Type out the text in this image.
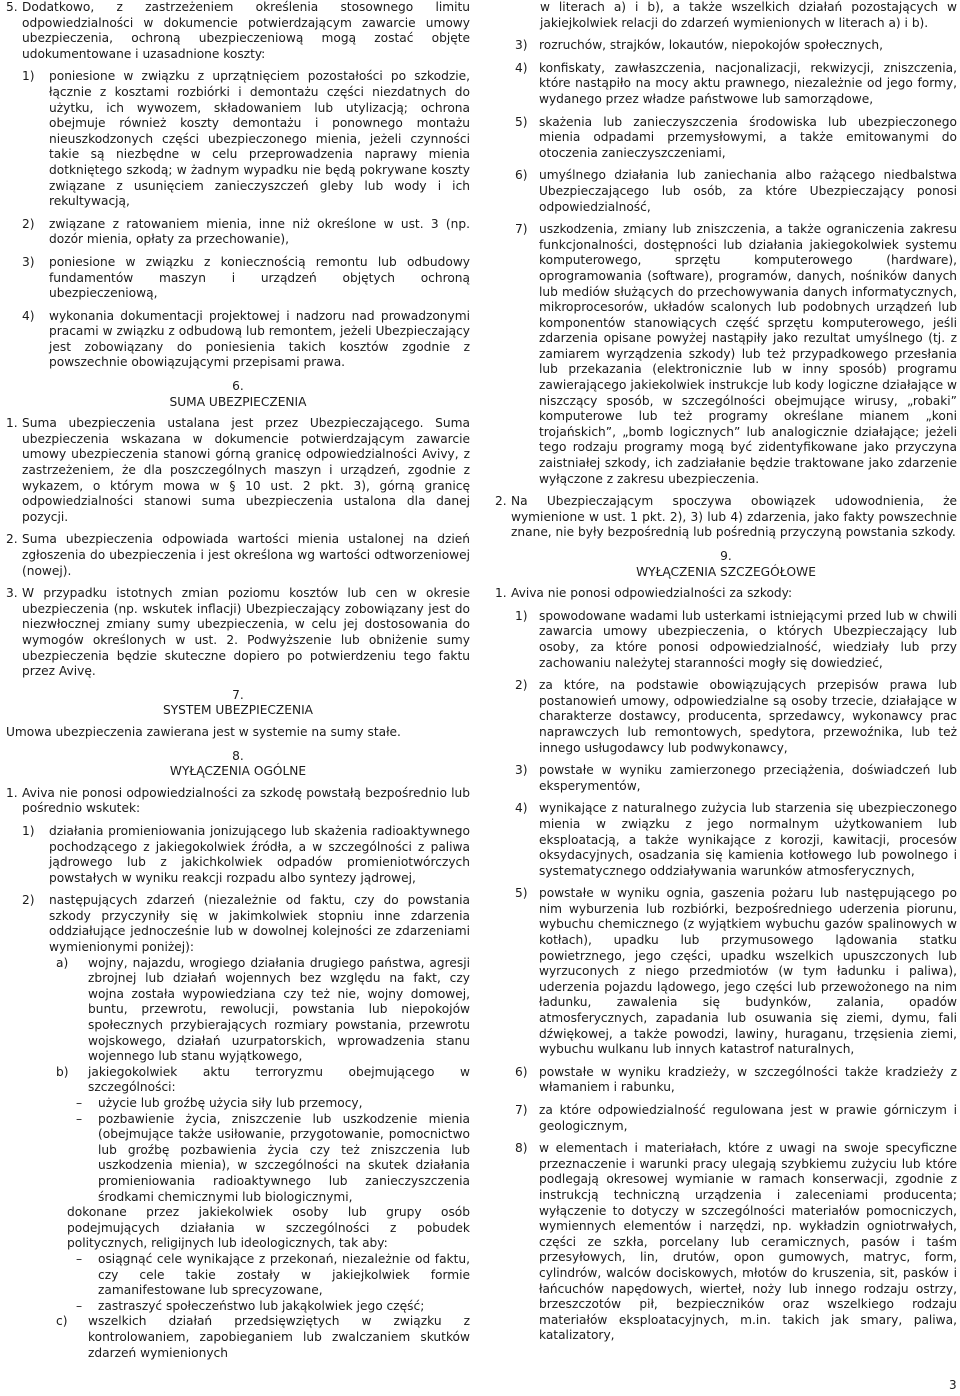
5. Dodatkowo, z zastrzeżeniem określenia stosownego limitu odpowiedzialności w dokumencie potwierdzającym zawarcie umowy ubezpieczenia, ochroną ubezpieczeniową mogą zostać objęte udokumentowane i uzasadnione koszty:
1) poniesione w związku z uprzątnięciem pozostałości po szkodzie, łącznie z kosztami rozbiórki i demontażu części niezdatnych do użytku, ich wywozem, składowaniem lub utylizacją; ochrona obejmuje również koszty demontażu i ponownego montażu nieuszkodzonych części ubezpieczonego mienia, jeżeli czynności takie są niezbędne w celu przeprowadzenia naprawy mienia dotkniętego szkodą; w żadnym wypadku nie będą pokrywane koszty związane z usunięciem zanieczyszczeń gleby lub wody i ich rekultywacją,
2) związane z ratowaniem mienia, inne niż określone w ust. 3 (np. dozór mienia, opłaty za przechowanie),
3) poniesione w związku z koniecznością remontu lub odbudowy fundamentów maszyn i urządzeń objętych ochroną ubezpieczeniową,
4) wykonania dokumentacji projektowej i nadzoru nad prowadzonymi pracami w związku z odbudową lub remontem, jeżeli Ubezpieczający jest zobowiązany do poniesienia takich kosztów zgodnie z powszechnie obowiązującymi przepisami prawa.
6.
SUMA UBEZPIECZENIA
1. Suma ubezpieczenia ustalana jest przez Ubezpieczającego. Suma ubezpieczenia wskazana w dokumencie potwierdzającym zawarcie umowy ubezpieczenia stanowi górną granicę odpowiedzialności Avivy, z zastrzeżeniem, że dla poszczególnych maszyn i urządzeń, zgodnie z wykazem, o którym mowa w § 10 ust. 2 pkt. 3), górną granicę odpowiedzialności stanowi suma ubezpieczenia ustalona dla danej pozycji.
2. Suma ubezpieczenia odpowiada wartości mienia ustalonej na dzień zgłoszenia do ubezpieczenia i jest określona wg wartości odtworzeniowej (nowej).
3. W przypadku istotnych zmian poziomu kosztów lub cen w okresie ubezpieczenia (np. wskutek inflacji) Ubezpieczający zobowiązany jest do niezwłocznej zmiany sumy ubezpieczenia, w celu jej dostosowania do wymogów określonych w ust. 2. Podwyższenie lub obniżenie sumy ubezpieczenia będzie skuteczne dopiero po potwierdzeniu tego faktu przez Avivę.
7.
SYSTEM UBEZPIECZENIA
Umowa ubezpieczenia zawierana jest w systemie na sumy stałe.
8.
WYŁĄCZENIA OGÓLNE
1. Aviva nie ponosi odpowiedzialności za szkodę powstałą bezpośrednio lub pośrednio wskutek:
1) działania promieniowania jonizującego lub skażenia radioaktywnego pochodzącego z jakiegokolwiek źródła, a w szczególności z paliwa jądrowego lub z jakichkolwiek odpadów promieniotwórczych powstałych w wyniku reakcji rozpadu albo syntezy jądrowej,
2) następujących zdarzeń (niezależnie od faktu, czy do powstania szkody przyczyniły się w jakimkolwiek stopniu inne zdarzenia oddziałujące jednocześnie lub w dowolnej kolejności ze zdarzeniami wymienionymi poniżej):
a) wojny, najazdu, wrogiego działania drugiego państwa, agresji zbrojnej lub działań wojennych bez względu na fakt, czy wojna została wypowiedziana czy też nie, wojny domowej, buntu, przewrotu, rewolucji, powstania lub niepokojów społecznych przybierających rozmiary powstania, przewrotu wojskowego, działań uzurpatorskich, wprowadzenia stanu wojennego lub stanu wyjątkowego,
b) jakiegokolwiek aktu terroryzmu obejmującego w szczególności:
– użycie lub groźbę użycia siły lub przemocy,
– pozbawienie życia, zniszczenie lub uszkodzenie mienia (obejmujące także usiłowanie, przygotowanie, pomocnictwo lub groźbę pozbawienia życia czy też zniszczenia lub uszkodzenia mienia), w szczególności na skutek działania promieniowania radioaktywnego lub zanieczyszczenia środkami chemicznymi lub biologicznymi,
dokonane przez jakiekolwiek osoby lub grupy osób podejmujących działania w szczególności z pobudek politycznych, religijnych lub ideologicznych, tak aby:
– osiągnąć cele wynikające z przekonań, niezależnie od faktu, czy cele takie zostały w jakiejkolwiek formie zamanifestowane lub sprecyzowane,
– zastraszyć społeczeństwo lub jakąkolwiek jego część;
c) wszelkich działań przedsięwziętych w związku z kontrolowaniem, zapobieganiem lub zwalczaniem skutków zdarzeń wymienionych
w literach a) i b), a także wszelkich działań pozostających w jakiejkolwiek relacji do zdarzeń wymienionych w literach a) i b).
3) rozruchów, strajków, lokautów, niepokojów społecznych,
4) konfiskaty, zawłaszczenia, nacjonalizacji, rekwizycji, zniszczenia, które nastąpiło na mocy aktu prawnego, niezależnie od jego formy, wydanego przez władze państwowe lub samorządowe,
5) skażenia lub zanieczyszczenia środowiska lub ubezpieczonego mienia odpadami przemysłowymi, a także emitowanymi do otoczenia zanieczyszczeniami,
6) umyślnego działania lub zaniechania albo rażącego niedbalstwa Ubezpieczającego lub osób, za które Ubezpieczający ponosi odpowiedzialność,
7) uszkodzenia, zmiany lub zniszczenia, a także ograniczenia zakresu funkcjonalności, dostępności lub działania jakiegokolwiek systemu komputerowego, sprzętu komputerowego (hardware), oprogramowania (software), programów, danych, nośników danych lub mediów służących do przechowywania danych informatycznych, mikroprocesorów, układów scalonych lub podobnych urządzeń lub komponentów stanowiących część sprzętu komputerowego, jeśli zdarzenia opisane powyżej nastąpiły jako rezultat umyślnego (tj. z zamiarem wyrządzenia szkody) lub też przypadkowego przesłania lub przekazania (elektronicznie lub w inny sposób) programu zawierającego jakiekolwiek instrukcje lub kody logiczne działające w niszczący sposób, w szczególności obejmujące wirusy, „robaki” komputerowe lub też programy określane mianem „koni trojańskich”, „bomb logicznych” lub analogicznie działające; jeżeli tego rodzaju programy mogą być zidentyfikowane jako przyczyna zaistniałej szkody, ich zadziałanie będzie traktowane jako zdarzenie wyłączone z zakresu ubezpieczenia.
2. Na Ubezpieczającym spoczywa obowiązek udowodnienia, że wymienione w ust. 1 pkt. 2), 3) lub 4) zdarzenia, jako fakty powszechnie znane, nie były bezpośrednią lub pośrednią przyczyną powstania szkody.
9.
WYŁĄCZENIA SZCZEGÓŁOWE
1. Aviva nie ponosi odpowiedzialności za szkody:
1) spowodowane wadami lub usterkami istniejącymi przed lub w chwili zawarcia umowy ubezpieczenia, o których Ubezpieczający lub osoby, za które ponosi odpowiedzialność, wiedziały lub przy zachowaniu należytej staranności mogły się dowiedzieć,
2) za które, na podstawie obowiązujących przepisów prawa lub postanowień umowy, odpowiedzialne są osoby trzecie, działające w charakterze dostawcy, producenta, sprzedawcy, wykonawcy prac naprawczych lub remontowych, spedytora, przewoźnika, lub też innego usługodawcy lub podwykonawcy,
3) powstałe w wyniku zamierzonego przeciążenia, doświadczeń lub eksperymentów,
4) wynikające z naturalnego zużycia lub starzenia się ubezpieczonego mienia w związku z jego normalnym użytkowaniem lub eksploatacją, a także wynikające z korozji, kawitacji, procesów oksydacyjnych, osadzania się kamienia kotłowego lub powolnego i systematycznego oddziaływania warunków atmosferycznych,
5) powstałe w wyniku ognia, gaszenia pożaru lub następującego po nim wyburzenia lub rozbiórki, bezpośredniego uderzenia piorunu, wybuchu chemicznego (z wyjątkiem wybuchu gazów spalinowych w kotłach), upadku lub przymusowego lądowania statku powietrznego, jego części, upadku wszelkich upuszczonych lub wyrzuconych z niego przedmiotów (w tym ładunku i paliwa), uderzenia pojazdu lądowego, jego części lub przewożonego na nim ładunku, zawalenia się budynków, zalania, opadów atmosferycznych, zapadania lub osuwania się ziemi, dymu, fali dźwiękowej, a także powodzi, lawiny, huraganu, trzęsienia ziemi, wybuchu wulkanu lub innych katastrof naturalnych,
6) powstałe w wyniku kradzieży, w szczególności także kradzieży z włamaniem i rabunku,
7) za które odpowiedzialność regulowana jest w prawie górniczym i geologicznym,
8) w elementach i materiałach, które z uwagi na swoje specyficzne przeznaczenie i warunki pracy ulegają szybkiemu zużyciu lub które podlegają okresowej wymianie w ramach konserwacji, zgodnie z instrukcją techniczną urządzenia i zaleceniami producenta; wyłączenie to dotyczy w szczególności materiałów pomocniczych, wymiennych elementów i narzędzi, np. wykładzin ogniotrwałych, części ze szkła, porcelany lub ceramicznych, pasów i taśm przesyłowych, lin, drutów, opon gumowych, matryc, form, cylindrów, walców dociskowych, młotów do kruszenia, sit, pasków i łańcuchów napędowych, wierteł, noży lub innego rodzaju ostrzy, brzeszczotów pił, bezpieczników oraz wszelkiego rodzaju materiałów eksploatacyjnych, m.in. takich jak smary, paliwa, katalizatory,
3
